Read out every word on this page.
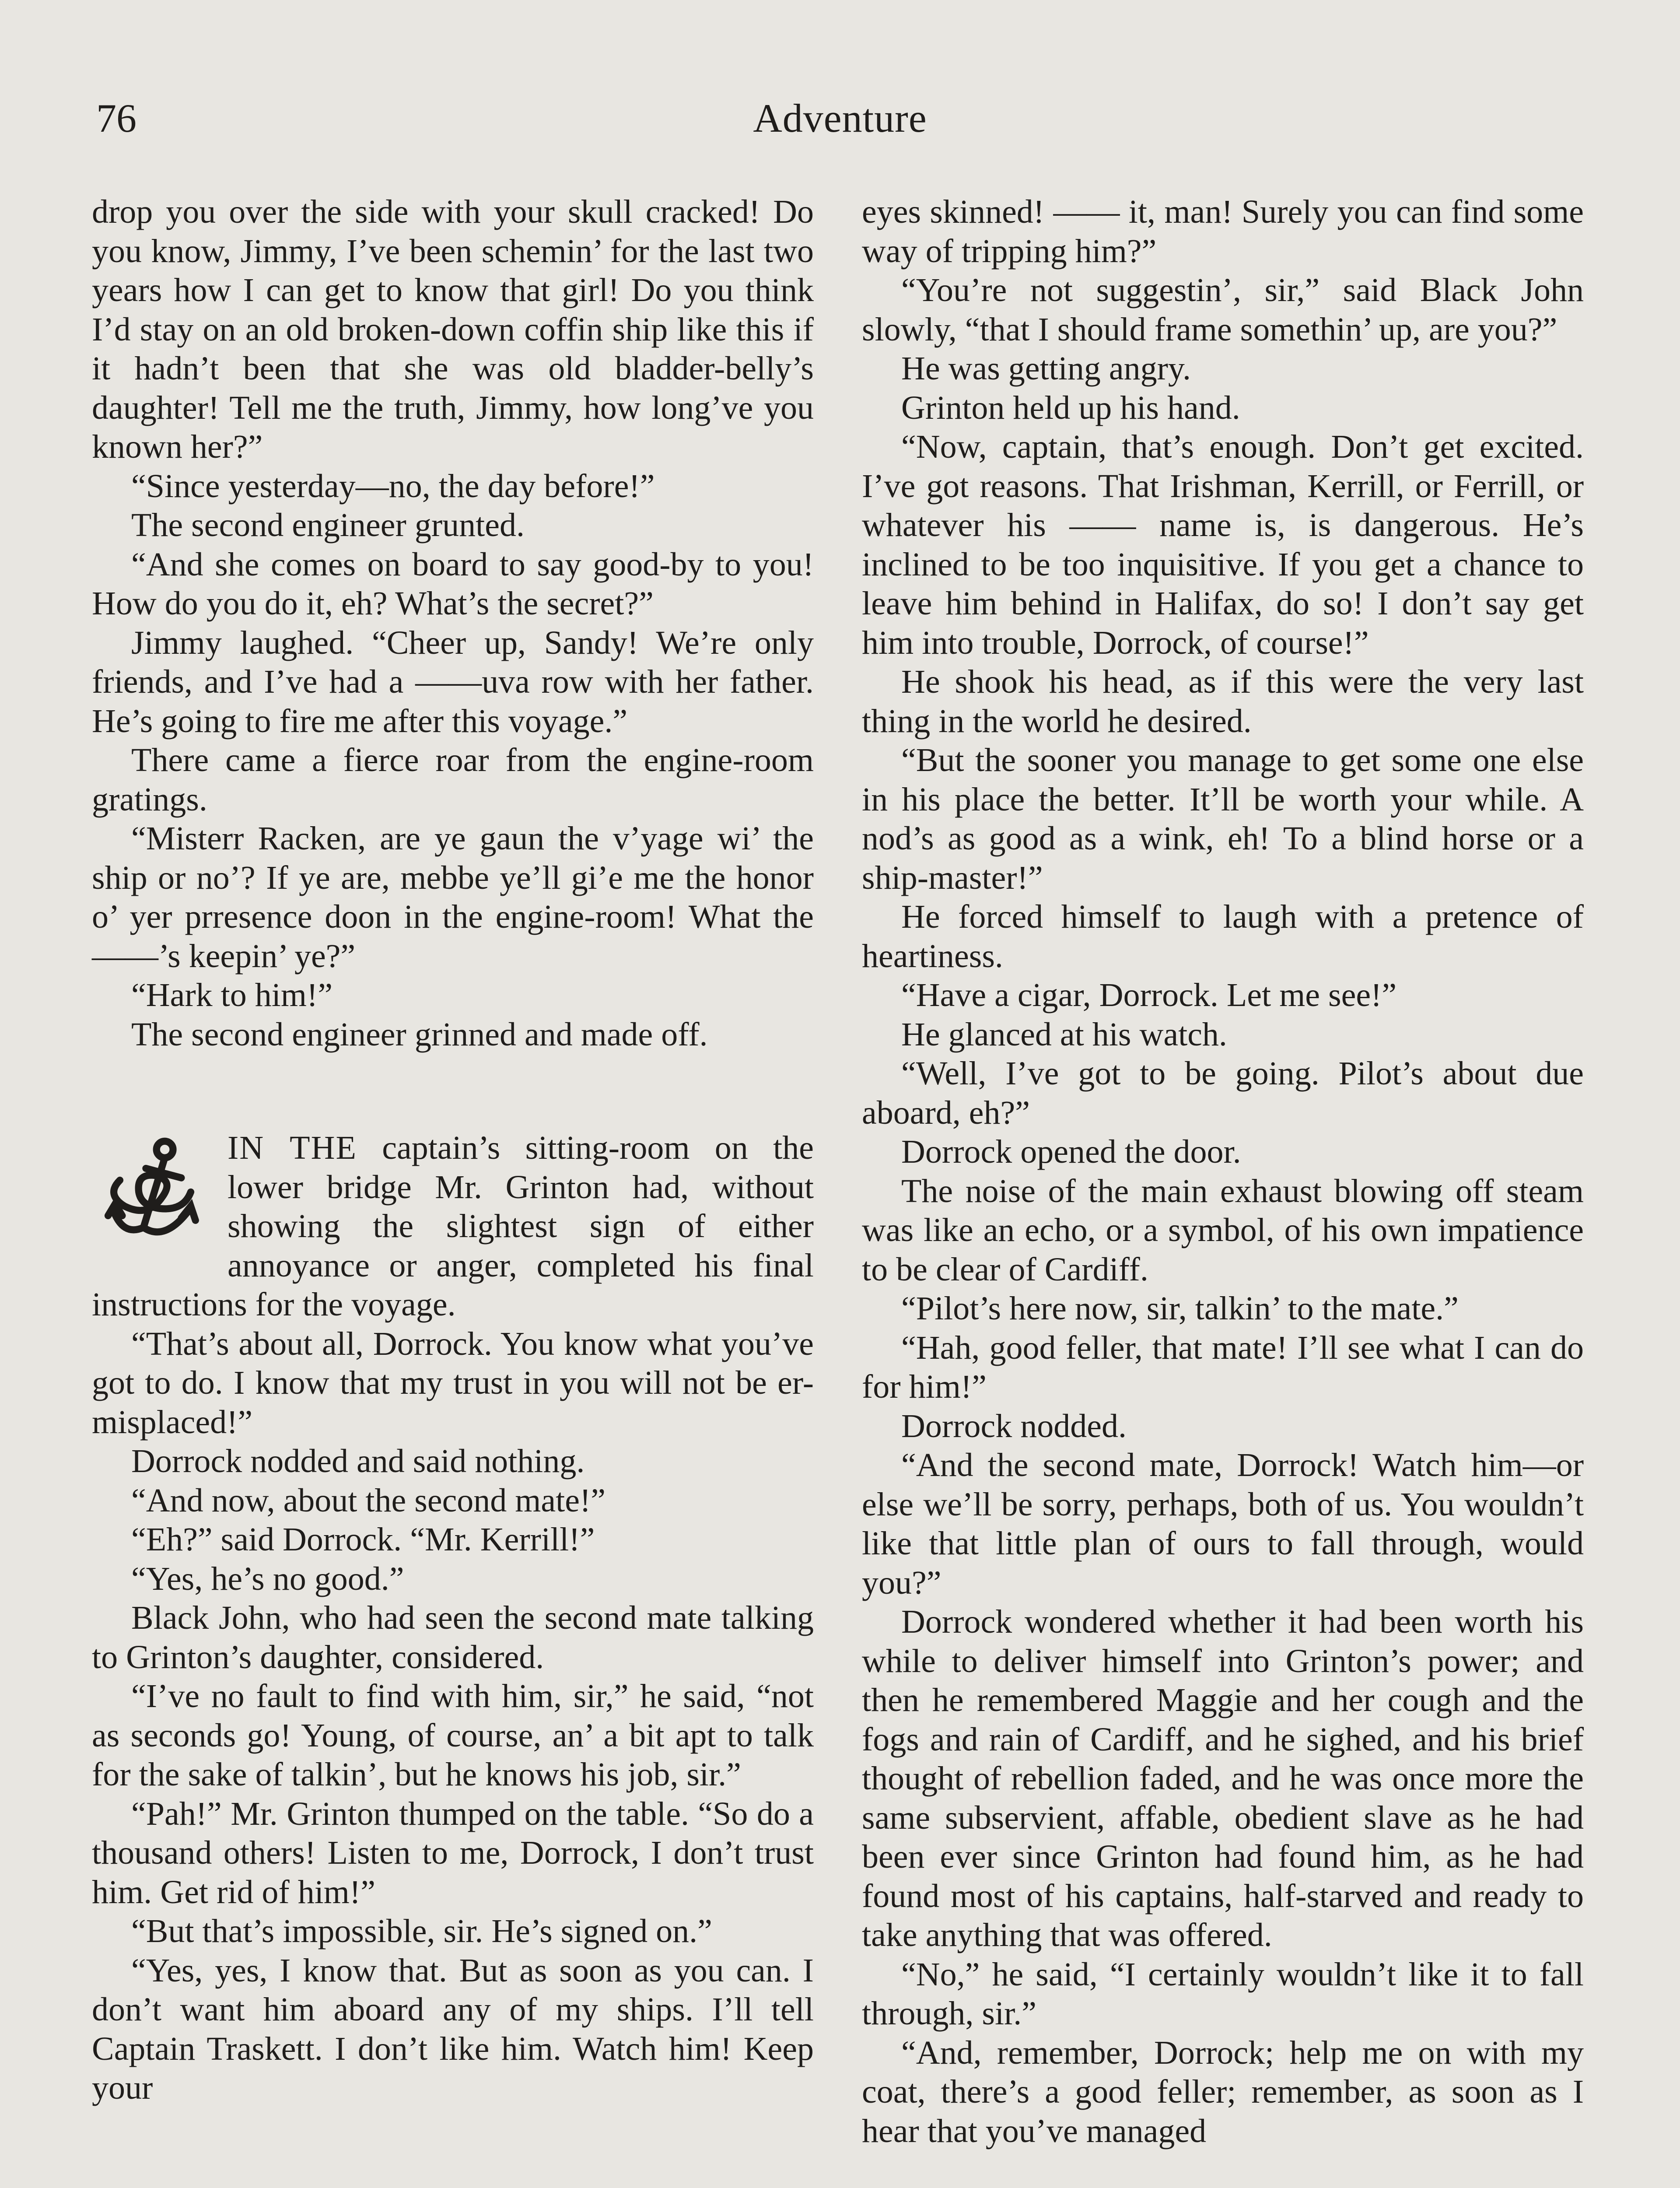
76	Adventure

drop you over the side with your skull cracked! Do you know, Jimmy, I’ve been schemin’ for the last two years how I can get to know that girl! Do you think I’d stay on an old broken-down coffin ship like this if it hadn’t been that she was old bladder-belly’s daughter! Tell me the truth, Jimmy, how long’ve you known her?”

“Since yesterday—no, the day before!”

The second engineer grunted.

“And she comes on board to say good-by to you! How do you do it, eh? What’s the secret?”

Jimmy laughed. “Cheer up, Sandy! We’re only friends, and I’ve had a ——uva row with her father. He’s going to fire me after this voyage.”

There came a fierce roar from the engine-room gratings.

“Misterr Racken, are ye gaun the v’yage wi’ the ship or no’? If ye are, mebbe ye’ll gi’e me the honor o’ yer prresence doon in the engine-room! What the ——’s keepin’ ye?”

“Hark to him!”

The second engineer grinned and made off.

IN THE captain’s sitting-room on the lower bridge Mr. Grinton had, without showing the slightest sign of either annoyance or anger, completed his final instructions for the voyage.

“That’s about all, Dorrock. You know what you’ve got to do. I know that my trust in you will not be er-misplaced!”

Dorrock nodded and said nothing.

“And now, about the second mate!”

“Eh?” said Dorrock. “Mr. Kerrill!”

“Yes, he’s no good.”

Black John, who had seen the second mate talking to Grinton’s daughter, considered.

“I’ve no fault to find with him, sir,” he said, “not as seconds go! Young, of course, an’ a bit apt to talk for the sake of talkin’, but he knows his job, sir.”

“Pah!” Mr. Grinton thumped on the table. “So do a thousand others! Listen to me, Dorrock, I don’t trust him. Get rid of him!”

“But that’s impossible, sir. He’s signed on.”

“Yes, yes, I know that. But as soon as you can. I don’t want him aboard any of my ships. I’ll tell Captain Traskett. I don’t like him. Watch him! Keep your

eyes skinned! —— it, man! Surely you can find some way of tripping him?”

“You’re not suggestin’, sir,” said Black John slowly, “that I should frame somethin’ up, are you?”

He was getting angry.

Grinton held up his hand.

“Now, captain, that’s enough. Don’t get excited. I’ve got reasons. That Irishman, Kerrill, or Ferrill, or whatever his —— name is, is dangerous. He’s inclined to be too inquisitive. If you get a chance to leave him behind in Halifax, do so! I don’t say get him into trouble, Dorrock, of course!”

He shook his head, as if this were the very last thing in the world he desired.

“But the sooner you manage to get some one else in his place the better. It’ll be worth your while. A nod’s as good as a wink, eh! To a blind horse or a ship-master!”

He forced himself to laugh with a pretence of heartiness.

“Have a cigar, Dorrock. Let me see!”

He glanced at his watch.

“Well, I’ve got to be going. Pilot’s about due aboard, eh?”

Dorrock opened the door.

The noise of the main exhaust blowing off steam was like an echo, or a symbol, of his own impatience to be clear of Cardiff.

“Pilot’s here now, sir, talkin’ to the mate.”

“Hah, good feller, that mate! I’ll see what I can do for him!”

Dorrock nodded.

“And the second mate, Dorrock! Watch him—or else we’ll be sorry, perhaps, both of us. You wouldn’t like that little plan of ours to fall through, would you?”

Dorrock wondered whether it had been worth his while to deliver himself into Grinton’s power; and then he remembered Maggie and her cough and the fogs and rain of Cardiff, and he sighed, and his brief thought of rebellion faded, and he was once more the same subservient, affable, obedient slave as he had been ever since Grinton had found him, as he had found most of his captains, half-starved and ready to take anything that was offered.

“No,” he said, “I certainly wouldn’t like it to fall through, sir.”

“And, remember, Dorrock; help me on with my coat, there’s a good feller; remember, as soon as I hear that you’ve managed
